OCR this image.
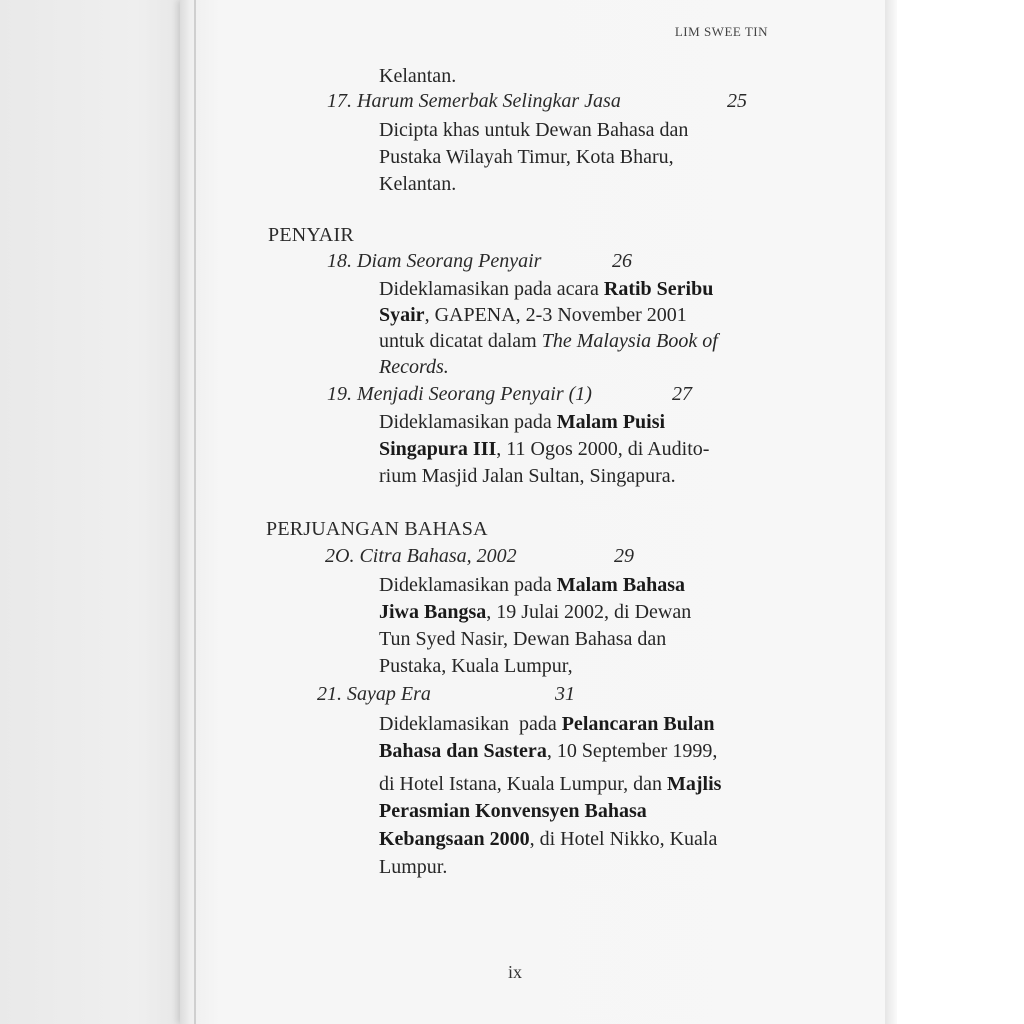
LIM SWEE TIN
Kelantan.
17. Harum Semerbak Selingkar Jasa	25
Dicipta khas untuk Dewan Bahasa dan
Pustaka Wilayah Timur, Kota Bharu,
Kelantan.
PENYAIR
18. Diam Seorang Penyair	26
Dideklamasikan pada acara Ratib Seribu
Syair, GAPENA, 2-3 November 2001
untuk dicatat dalam The Malaysia Book of
Records.
19. Menjadi Seorang Penyair (1)	27
Dideklamasikan pada Malam Puisi
Singapura III, 11 Ogos 2000, di Audito-
rium Masjid Jalan Sultan, Singapura.
PERJUANGAN BAHASA
2O. Citra Bahasa, 2002	29
Dideklamasikan pada Malam Bahasa
Jiwa Bangsa, 19 Julai 2002, di Dewan
Tun Syed Nasir, Dewan Bahasa dan
Pustaka, Kuala Lumpur,
21. Sayap Era	31
Dideklamasikan  pada Pelancaran Bulan
Bahasa dan Sastera, 10 September 1999,
di Hotel Istana, Kuala Lumpur, dan Majlis
Perasmian Konvensyen Bahasa
Kebangsaan 2000, di Hotel Nikko, Kuala
Lumpur.
ix
